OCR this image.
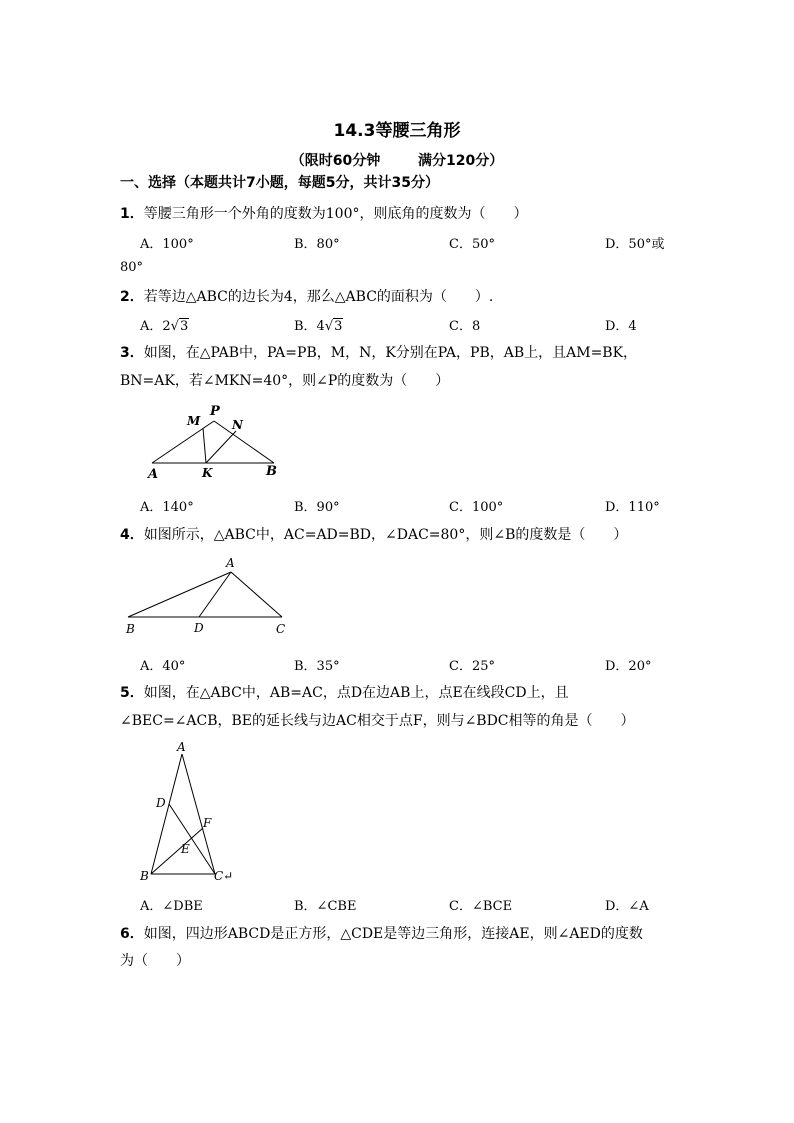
14.3等腰三角形
（限时60分钟	满分120分）
一、选择（本题共计7小题，每题5分，共计35分）
1．等腰三角形一个外角的度数为100°，则底角的度数为（　　）
A．100°	B．80°	C．50°	D．50°或
80°
2．若等边△ABC的边长为4，那么△ABC的面积为（　　）.
A．2√3	B．4√3	C．8	D．4
3．如图，在△PAB中，PA=PB，M，N，K分别在PA，PB，AB上，且AM=BK，
BN=AK，若∠MKN=40°，则∠P的度数为（　　）
M
P
N
A	K	B
A．140°	B．90°	C．100°	D．110°
4．如图所示，△ABC中，AC=AD=BD，∠DAC=80°，则∠B的度数是（　　）
A
B	D	C
A．40°	B．35°	C．25°	D．20°
5．如图，在△ABC中，AB=AC，点D在边AB上，点E在线段CD上，且
∠BEC=∠ACB，BE的延长线与边AC相交于点F，则与∠BDC相等的角是（　　）
A
D
F
E
B	C↵
A．∠DBE	B．∠CBE	C．∠BCE	D．∠A
6．如图，四边形ABCD是正方形，△CDE是等边三角形，连接AE，则∠AED的度数
为（　　）
